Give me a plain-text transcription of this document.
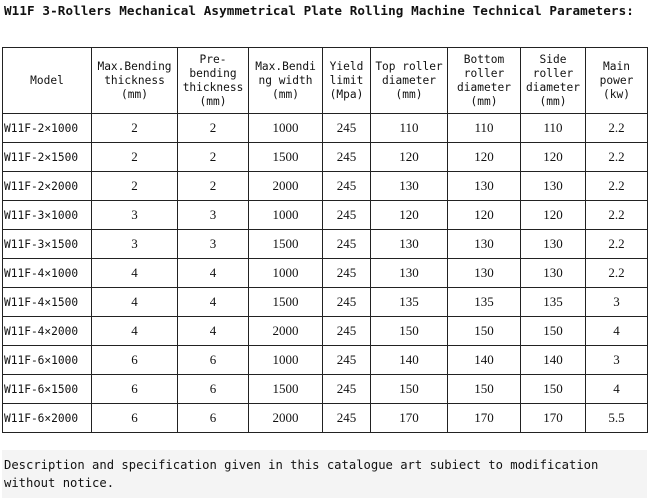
W11F 3-Rollers Mechanical Asymmetrical Plate Rolling Machine Technical Parameters:
Model	Max.Bending
thickness
(mm)	Pre-
bending
thickness
(mm)	Max.Bendi
ng width
(mm)	Yield
limit
(Mpa)	Top roller
diameter
(mm)	Bottom
roller
diameter
(mm)	Side
roller
diameter
(mm)	Main
power
(kw)

W11F-2×1000	2	2	1000	245	110	110	110	2.2
W11F-2×1500	2	2	1500	245	120	120	120	2.2
W11F-2×2000	2	2	2000	245	130	130	130	2.2
W11F-3×1000	3	3	1000	245	120	120	120	2.2
W11F-3×1500	3	3	1500	245	130	130	130	2.2
W11F-4×1000	4	4	1000	245	130	130	130	2.2
W11F-4×1500	4	4	1500	245	135	135	135	3
W11F-4×2000	4	4	2000	245	150	150	150	4
W11F-6×1000	6	6	1000	245	140	140	140	3
W11F-6×1500	6	6	1500	245	150	150	150	4
W11F-6×2000	6	6	2000	245	170	170	170	5.5
Description and specification given in this catalogue art subiect to modification
without notice.
